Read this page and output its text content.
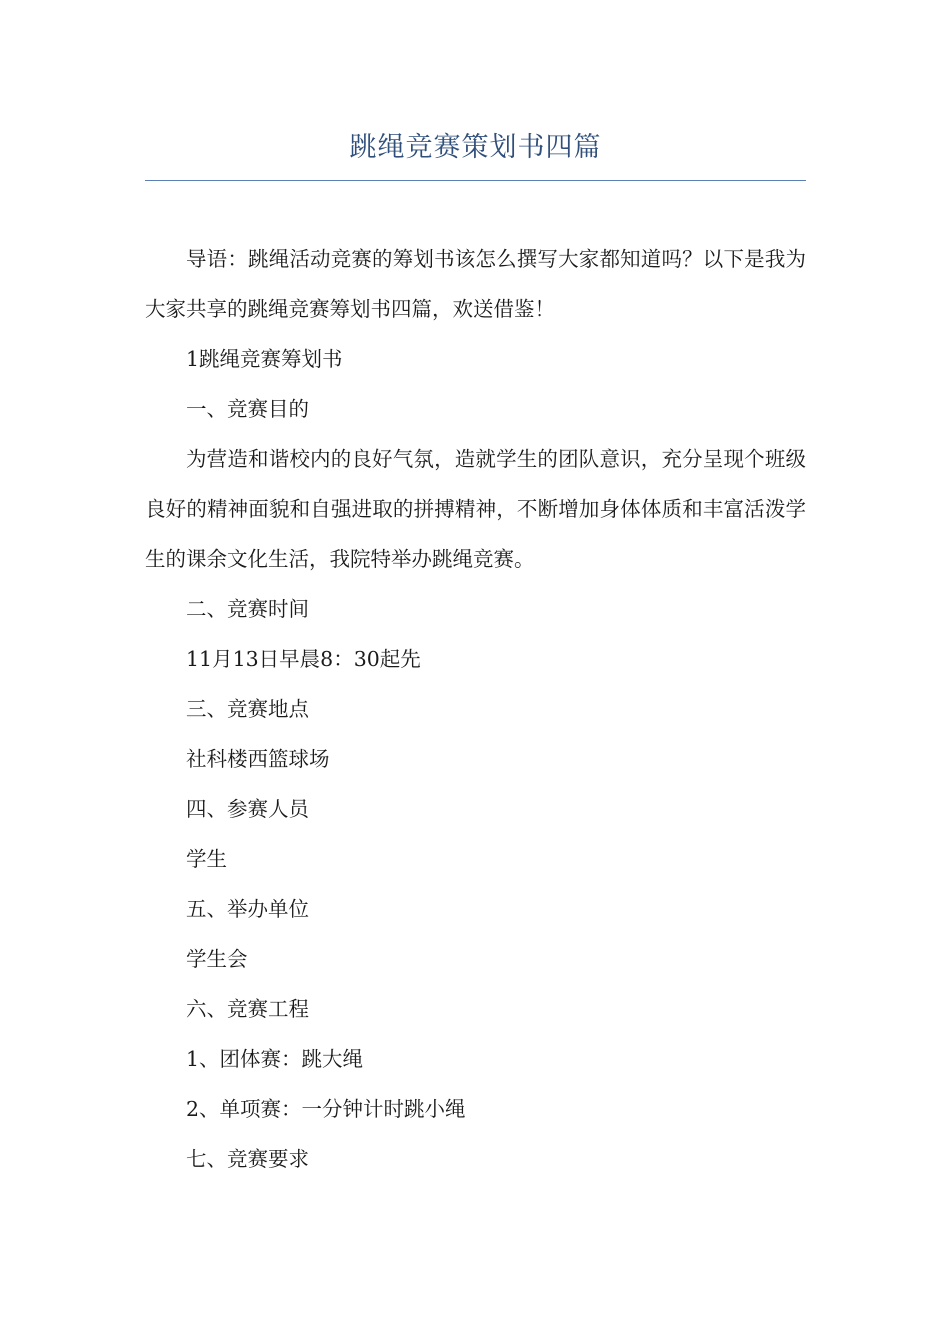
跳绳竞赛策划书四篇

导语：跳绳活动竞赛的筹划书该怎么撰写大家都知道吗？以下是我为大家共享的跳绳竞赛筹划书四篇，欢送借鉴！

1跳绳竞赛筹划书

一、竞赛目的

为营造和谐校内的良好气氛，造就学生的团队意识，充分呈现个班级良好的精神面貌和自强进取的拼搏精神，不断增加身体体质和丰富活泼学生的课余文化生活，我院特举办跳绳竞赛。

二、竞赛时间

11月13日早晨8：30起先

三、竞赛地点

社科楼西篮球场

四、参赛人员

学生

五、举办单位

学生会

六、竞赛工程

1、团体赛：跳大绳

2、单项赛：一分钟计时跳小绳

七、竞赛要求
